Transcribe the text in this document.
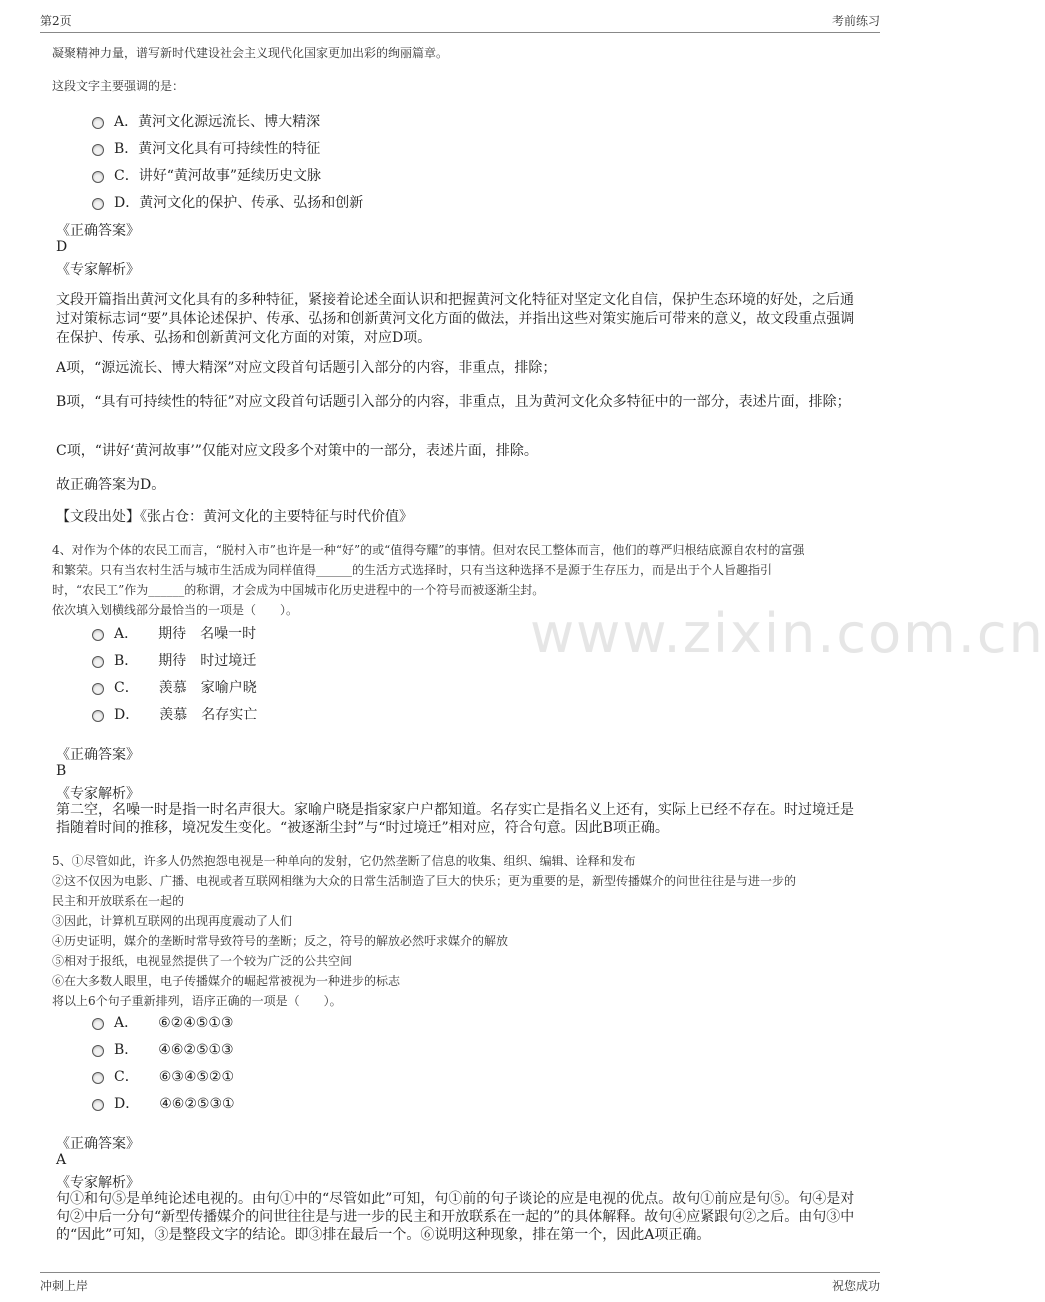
第2页	考前练习
www.zixin.com.cn
凝聚精神力量，谱写新时代建设社会主义现代化国家更加出彩的绚丽篇章。
这段文字主要强调的是：
A．黄河文化源远流长、博大精深
B．黄河文化具有可持续性的特征
C．讲好“黄河故事”延续历史文脉
D．黄河文化的保护、传承、弘扬和创新
《正确答案》
D
《专家解析》
文段开篇指出黄河文化具有的多种特征，紧接着论述全面认识和把握黄河文化特征对坚定文化自信，保护生态环境的好处，之后通过对策标志词“要”具体论述保护、传承、弘扬和创新黄河文化方面的做法，并指出这些对策实施后可带来的意义，故文段重点强调在保护、传承、弘扬和创新黄河文化方面的对策，对应D项。
A项，“源远流长、博大精深”对应文段首句话题引入部分的内容，非重点，排除；
B项，“具有可持续性的特征”对应文段首句话题引入部分的内容，非重点，且为黄河文化众多特征中的一部分，表述片面，排除；
C项，“讲好‘黄河故事’”仅能对应文段多个对策中的一部分，表述片面，排除。
故正确答案为D。
【文段出处】《张占仓：黄河文化的主要特征与时代价值》
4、对作为个体的农民工而言，“脱村入市”也许是一种“好”的或“值得夸耀”的事情。但对农民工整体而言，他们的尊严归根结底源自农村的富强
和繁荣。只有当农村生活与城市生活成为同样值得______的生活方式选择时，只有当这种选择不是源于生存压力，而是出于个人旨趣指引
时，“农民工”作为______的称谓，才会成为中国城市化历史进程中的一个符号而被逐渐尘封。
依次填入划横线部分最恰当的一项是（　　）。
A． 期待　名噪一时
B． 期待　时过境迁
C． 羡慕　家喻户晓
D． 羡慕　名存实亡
《正确答案》
B
《专家解析》
第二空，名噪一时是指一时名声很大。家喻户晓是指家家户户都知道。名存实亡是指名义上还有，实际上已经不存在。时过境迁是指随着时间的推移，境况发生变化。“被逐渐尘封”与“时过境迁”相对应，符合句意。因此B项正确。
5、①尽管如此，许多人仍然抱怨电视是一种单向的发射，它仍然垄断了信息的收集、组织、编辑、诠释和发布
②这不仅因为电影、广播、电视或者互联网相继为大众的日常生活制造了巨大的快乐；更为重要的是，新型传播媒介的问世往往是与进一步的
民主和开放联系在一起的
③因此，计算机互联网的出现再度震动了人们
④历史证明，媒介的垄断时常导致符号的垄断；反之，符号的解放必然吁求媒介的解放
⑤相对于报纸，电视显然提供了一个较为广泛的公共空间
⑥在大多数人眼里，电子传播媒介的崛起常被视为一种进步的标志
将以上6个句子重新排列，语序正确的一项是（　　）。
A． ⑥②④⑤①③
B． ④⑥②⑤①③
C． ⑥③④⑤②①
D． ④⑥②⑤③①
《正确答案》
A
《专家解析》
句①和句⑤是单纯论述电视的。由句①中的“尽管如此”可知，句①前的句子谈论的应是电视的优点。故句①前应是句⑤。句④是对句②中后一分句“新型传播媒介的问世往往是与进一步的民主和开放联系在一起的”的具体解释。故句④应紧跟句②之后。由句③中的“因此”可知，③是整段文字的结论。即③排在最后一个。⑥说明这种现象，排在第一个，因此A项正确。
冲刺上岸	祝您成功
